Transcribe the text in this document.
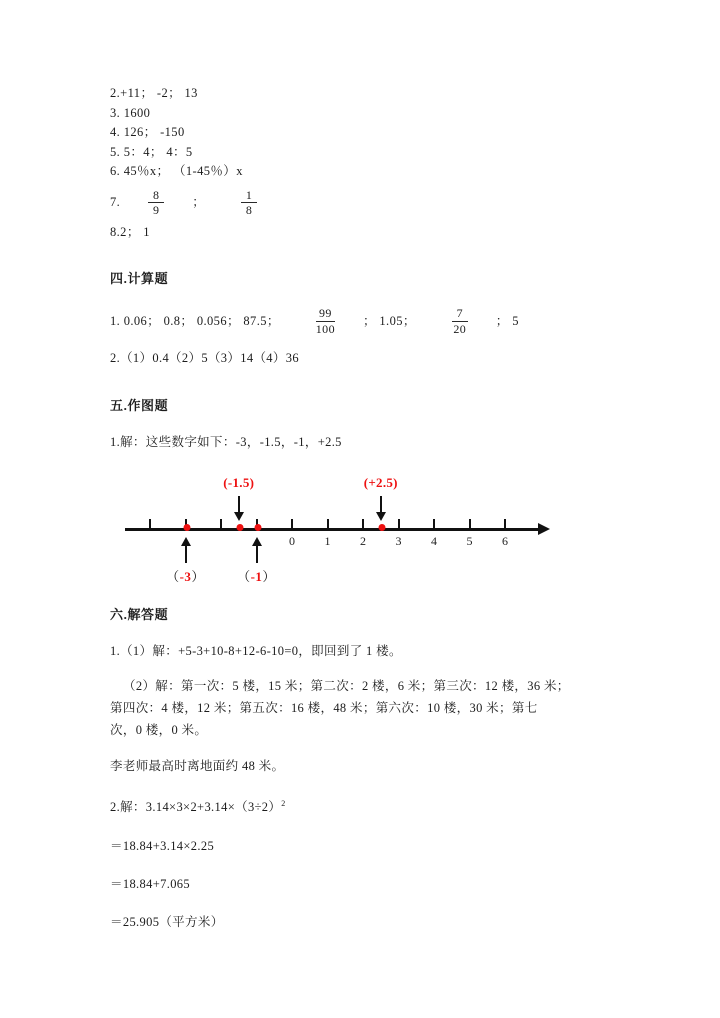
2.+11； -2； 13
3. 1600
4. 126； -150
5. 5：4； 4：5
6. 45％x； （1-45％）x
7. $\frac{8}{9}$ ；	$\frac{1}{8}$
8.2； 1
四.计算题
1. 0.06； 0.8； 0.056； 87.5；	$\frac{99}{100}$ ； 1.05；	$\frac{7}{20}$ ； 5
2.（1）0.4（2）5（3）14（4）36
五.作图题
1.解：这些数字如下：-3，-1.5，-1，+2.5
0 1 2 3 4 5 6
(-1.5)	(+2.5)
（-3） （-1）
六.解答题
1.（1）解：+5-3+10-8+12-6-10=0，即回到了 1 楼。
（2）解：第一次：5 楼，15 米；第二次：2 楼，6 米；第三次：12 楼，36 米；
第四次：4 楼，12 米；第五次：16 楼，48 米；第六次：10 楼，30 米；第七
次，0 楼，0 米。
李老师最高时离地面约 48 米。
2.解：$3.14\times 3\times 2+3.14\times(3\div 2)^2$
＝18.84+3.14×2.25
＝18.84+7.065
＝25.905（平方米）
